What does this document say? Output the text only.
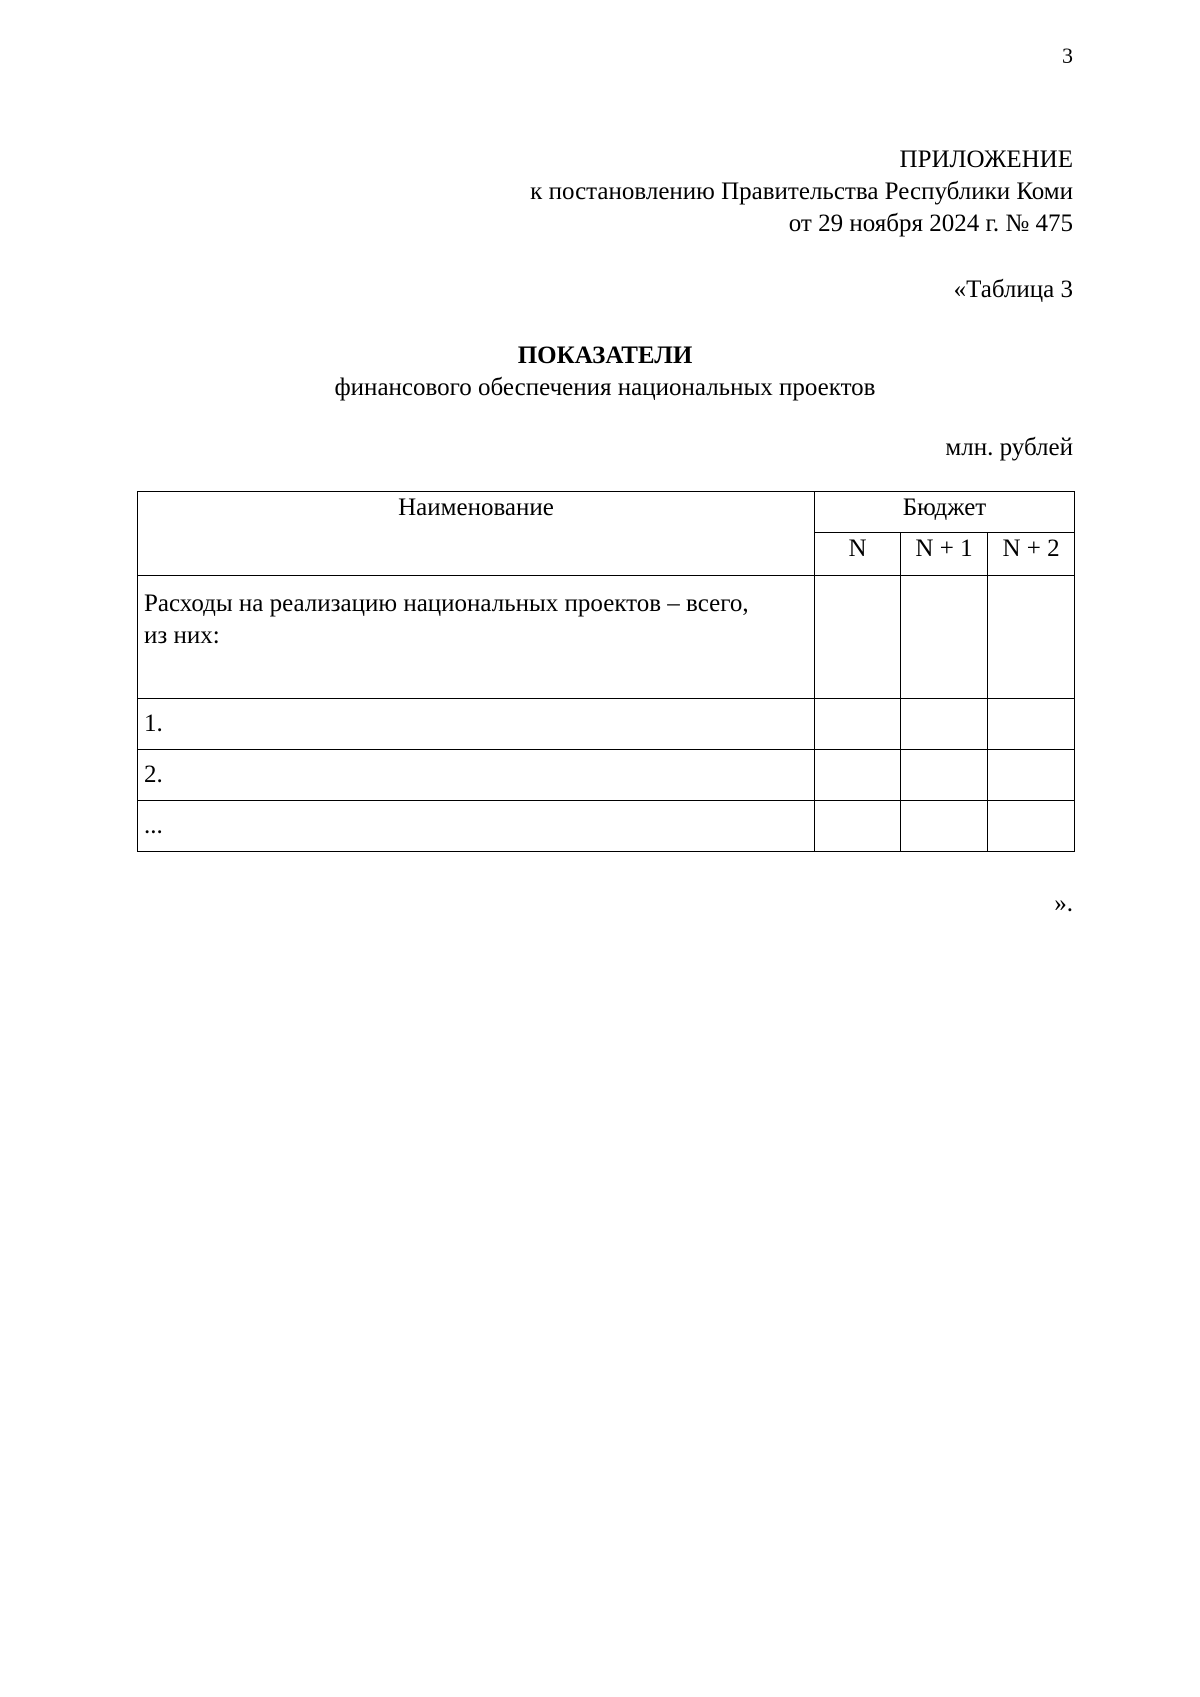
3
ПРИЛОЖЕНИЕ
к постановлению Правительства Республики Коми
от 29 ноября 2024 г. № 475
«Таблица 3
ПОКАЗАТЕЛИ
финансового обеспечения национальных проектов
млн. рублей
Наименование	Бюджет		
	N	N + 1	N + 2

Расходы на реализацию национальных проектов – всего,
из них:			

1.			
2.			
...			
».
